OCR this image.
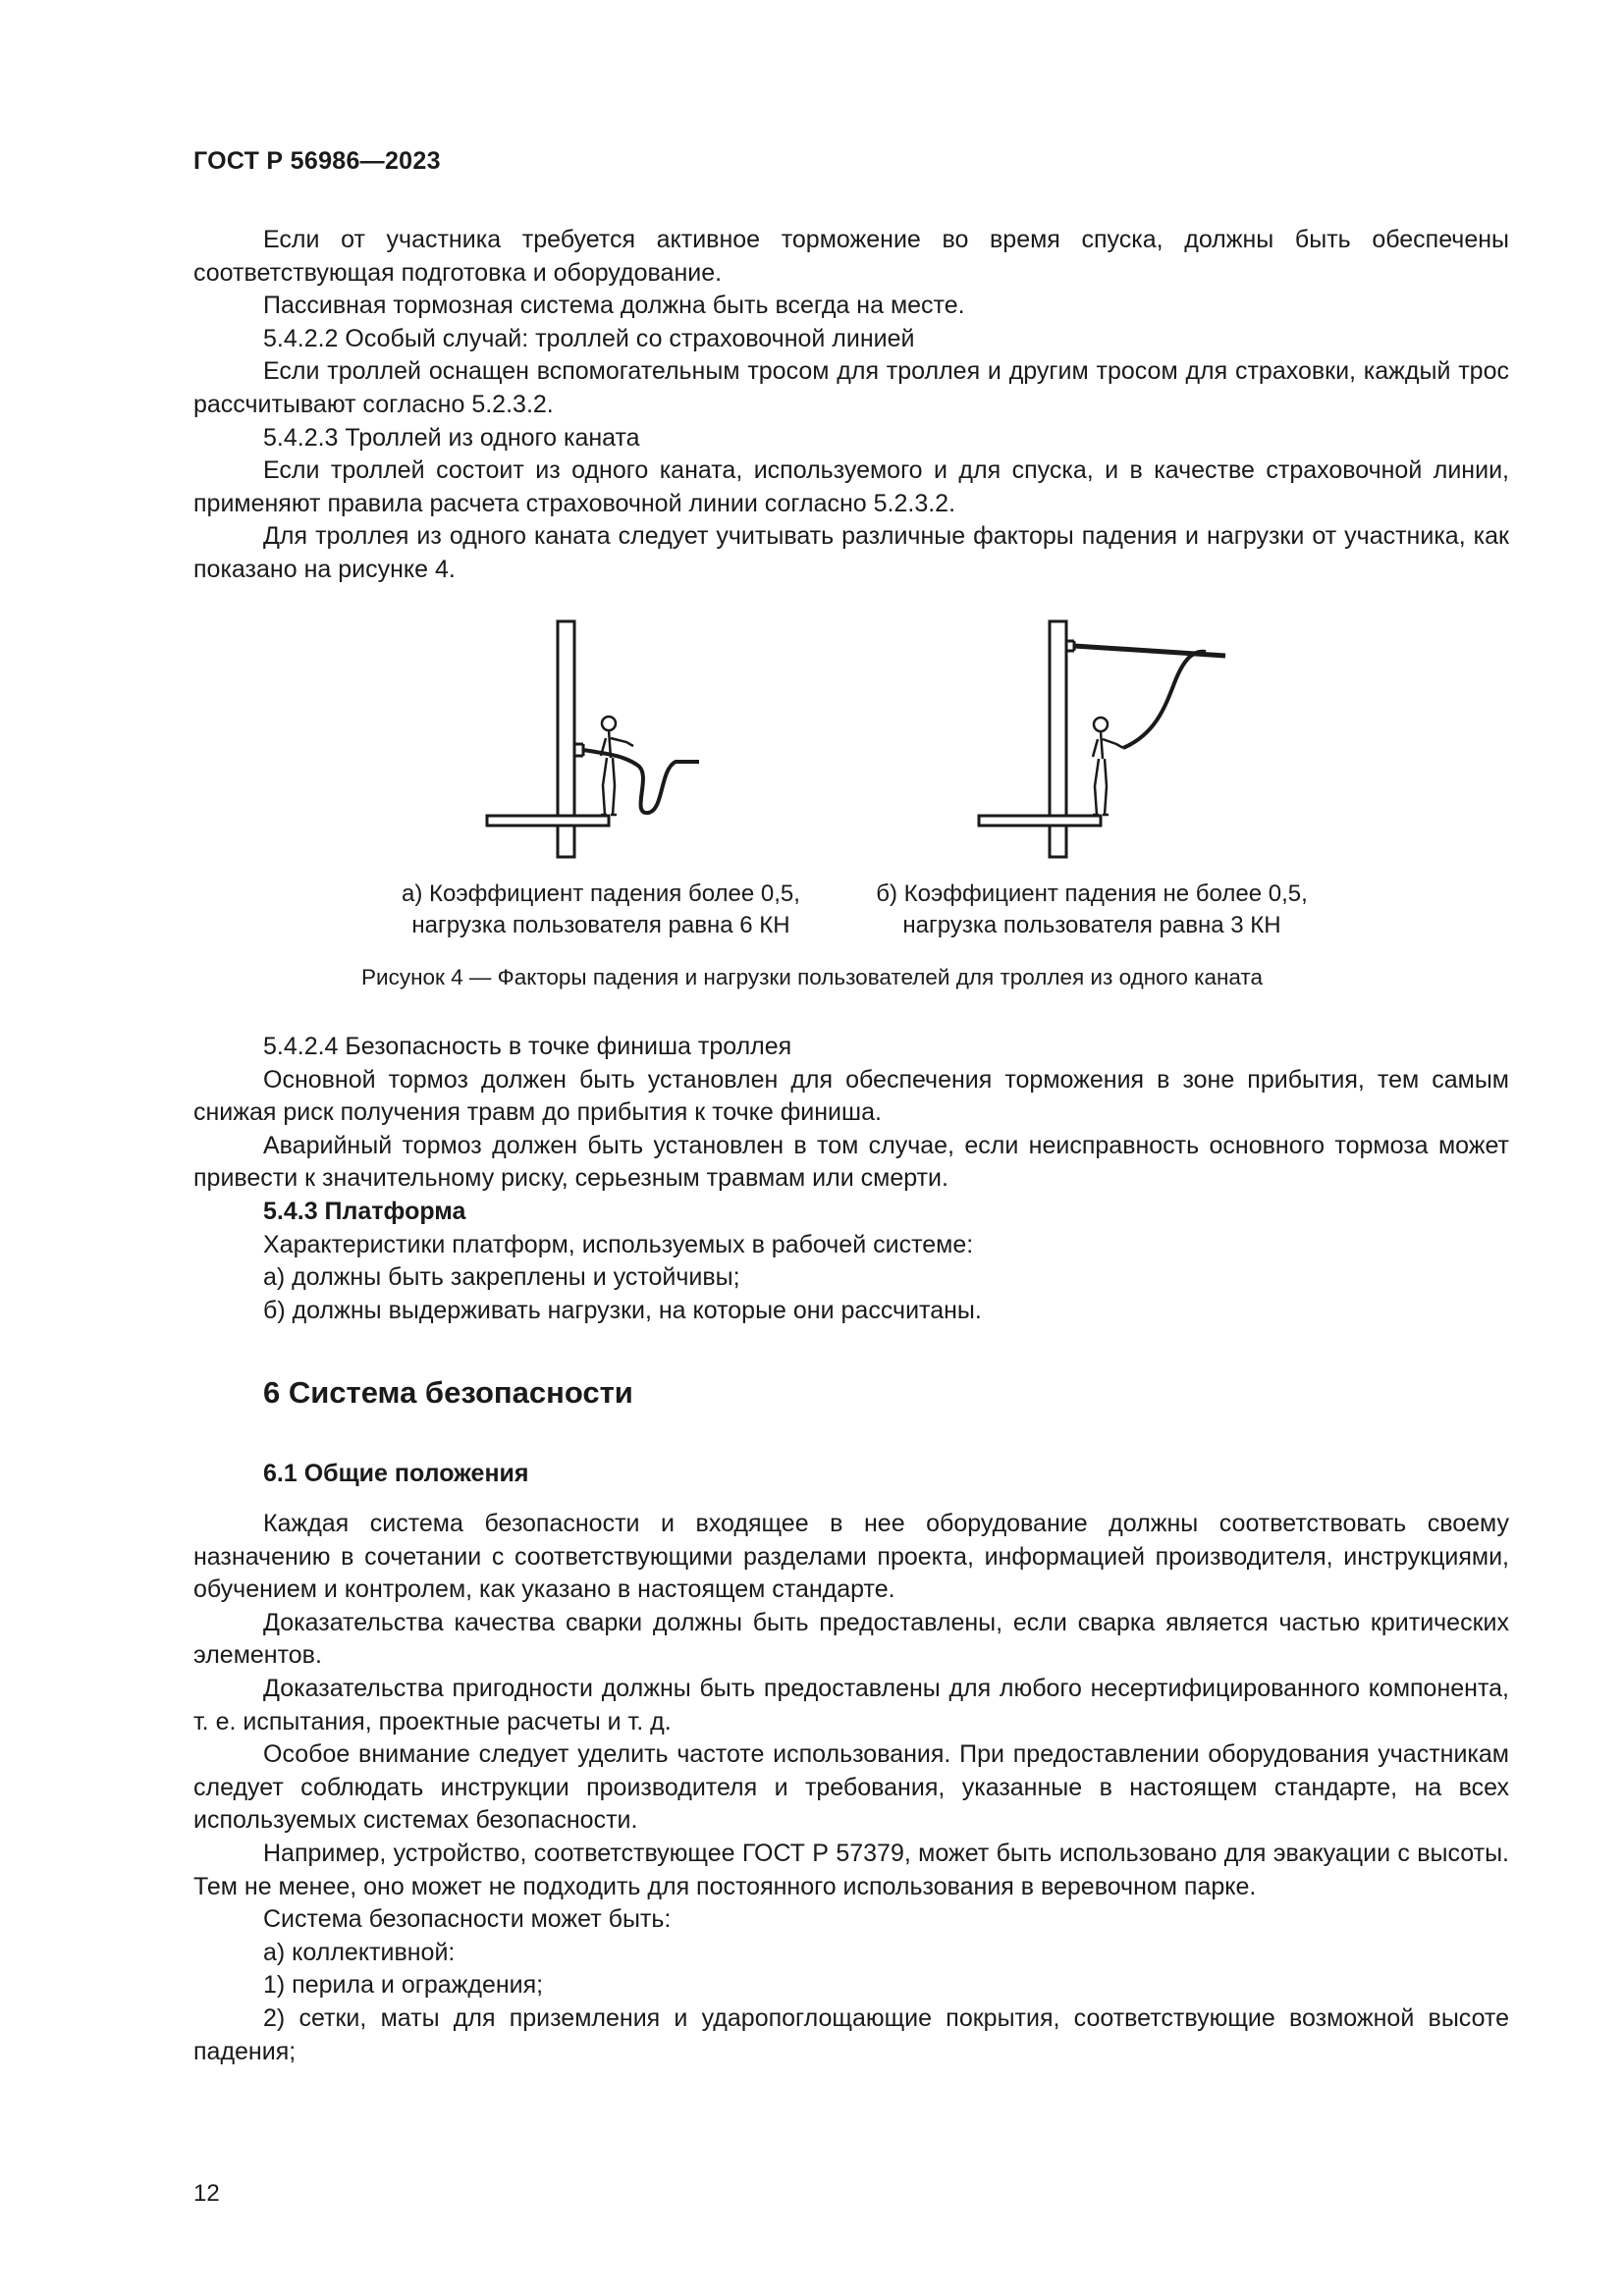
ГОСТ Р 56986—2023

Если от участника требуется активное торможение во время спуска, должны быть обеспечены соответствующая подготовка и оборудование.

Пассивная тормозная система должна быть всегда на месте.

5.4.2.2 Особый случай: троллей со страховочной линией

Если троллей оснащен вспомогательным тросом для троллея и другим тросом для страховки, каждый трос рассчитывают согласно 5.2.3.2.

5.4.2.3 Троллей из одного каната

Если троллей состоит из одного каната, используемого и для спуска, и в качестве страховочной линии, применяют правила расчета страховочной линии согласно 5.2.3.2.

Для троллея из одного каната следует учитывать различные факторы падения и нагрузки от участника, как показано на рисунке 4.

а) Коэффициент падения более 0,5,
нагрузка пользователя равна 6 КН
б) Коэффициент падения не более 0,5,
нагрузка пользователя равна 3 КН
Рисунок 4 — Факторы падения и нагрузки пользователей для троллея из одного каната

5.4.2.4 Безопасность в точке финиша троллея

Основной тормоз должен быть установлен для обеспечения торможения в зоне прибытия, тем самым снижая риск получения травм до прибытия к точке финиша.

Аварийный тормоз должен быть установлен в том случае, если неисправность основного тормоза может привести к значительному риску, серьезным травмам или смерти.

5.4.3 Платформа

Характеристики платформ, используемых в рабочей системе:

а) должны быть закреплены и устойчивы;

б) должны выдерживать нагрузки, на которые они рассчитаны.

6 Система безопасности
6.1 Общие положения

Каждая система безопасности и входящее в нее оборудование должны соответствовать своему назначению в сочетании с соответствующими разделами проекта, информацией производителя, инструкциями, обучением и контролем, как указано в настоящем стандарте.

Доказательства качества сварки должны быть предоставлены, если сварка является частью критических элементов.

Доказательства пригодности должны быть предоставлены для любого несертифицированного компонента, т. е. испытания, проектные расчеты и т. д.

Особое внимание следует уделить частоте использования. При предоставлении оборудования участникам следует соблюдать инструкции производителя и требования, указанные в настоящем стандарте, на всех используемых системах безопасности.

Например, устройство, соответствующее ГОСТ Р 57379, может быть использовано для эвакуации с высоты. Тем не менее, оно может не подходить для постоянного использования в веревочном парке.

Система безопасности может быть:

а) коллективной:

1) перила и ограждения;

2) сетки, маты для приземления и ударопоглощающие покрытия, соответствующие возможной высоте падения;

12
